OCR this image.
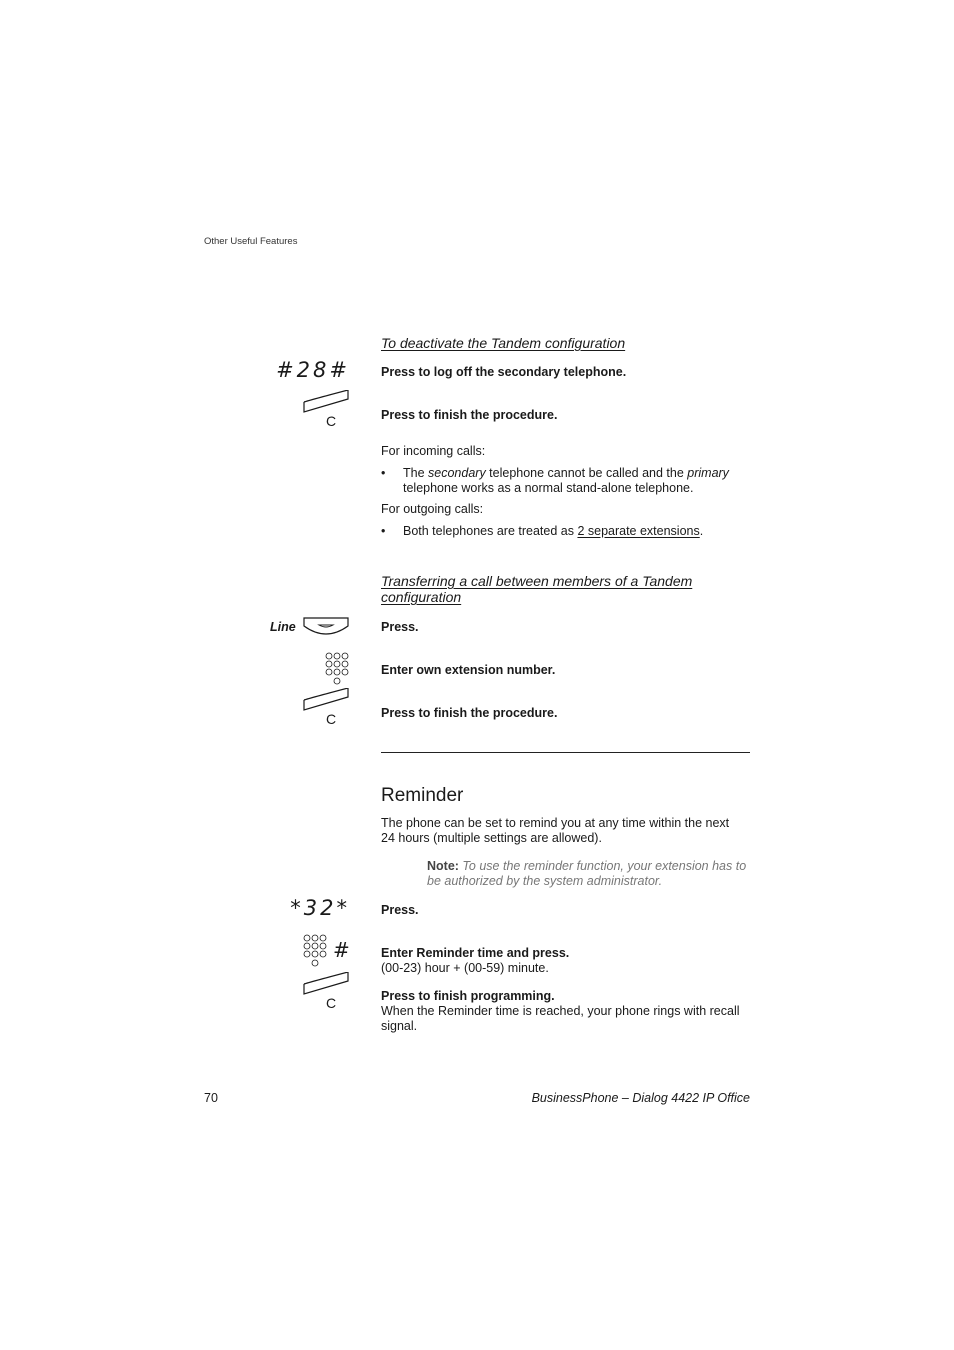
Other Useful Features
To deactivate the Tandem configuration
#28# Press to log off the secondary telephone.
C	Press to finish the procedure.
For incoming calls:
•	The secondary telephone cannot be called and the primary
telephone works as a normal stand-alone telephone.
For outgoing calls:
•	Both telephones are treated as 2 separate extensions.
Transferring a call between members of a Tandem
configuration
Line	Press.
Enter own extension number.
C	Press to finish the procedure.
Reminder
The phone can be set to remind you at any time within the next
24 hours (multiple settings are allowed).
Note: To use the reminder function, your extension has to
be authorized by the system administrator.
*32* Press.
# Enter Reminder time and press.
(00-23) hour + (00-59) minute.
C	Press to finish programming.
When the Reminder time is reached, your phone rings with recall
signal.
70	BusinessPhone – Dialog 4422 IP Office
